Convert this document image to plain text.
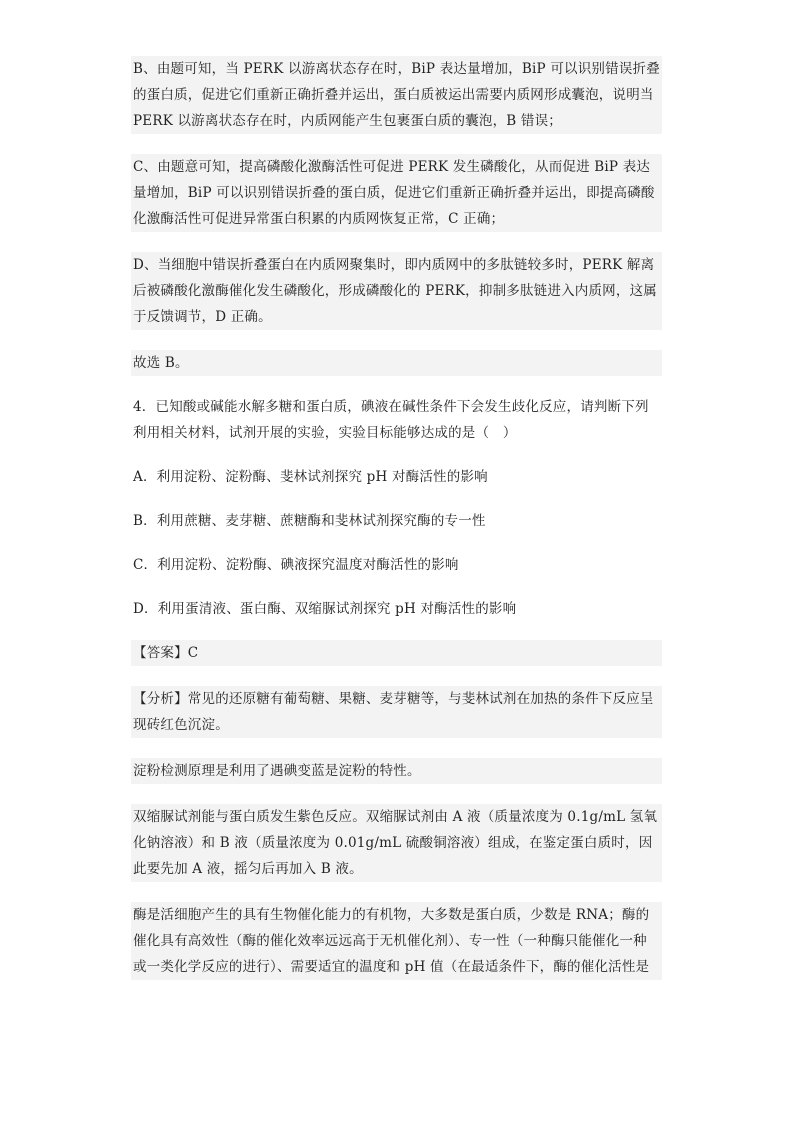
B、由题可知，当 PERK 以游离状态存在时，BiP 表达量增加，BiP 可以识别错误折叠的蛋白质，促进它们重新正确折叠并运出，蛋白质被运出需要内质网形成囊泡，说明当 PERK 以游离状态存在时，内质网能产生包裹蛋白质的囊泡，B 错误；

C、由题意可知，提高磷酸化激酶活性可促进 PERK 发生磷酸化，从而促进 BiP 表达量增加，BiP 可以识别错误折叠的蛋白质，促进它们重新正确折叠并运出，即提高磷酸化激酶活性可促进异常蛋白积累的内质网恢复正常，C 正确；

D、当细胞中错误折叠蛋白在内质网聚集时，即内质网中的多肽链较多时，PERK 解离后被磷酸化激酶催化发生磷酸化，形成磷酸化的 PERK，抑制多肽链进入内质网，这属于反馈调节，D 正确。

故选 B。

4．已知酸或碱能水解多糖和蛋白质，碘液在碱性条件下会发生歧化反应，请判断下列利用相关材料，试剂开展的实验，实验目标能够达成的是（　）

A．利用淀粉、淀粉酶、斐林试剂探究 pH 对酶活性的影响

B．利用蔗糖、麦芽糖、蔗糖酶和斐林试剂探究酶的专一性

C．利用淀粉、淀粉酶、碘液探究温度对酶活性的影响

D．利用蛋清液、蛋白酶、双缩脲试剂探究 pH 对酶活性的影响

【答案】C

【分析】常见的还原糖有葡萄糖、果糖、麦芽糖等，与斐林试剂在加热的条件下反应呈现砖红色沉淀。

淀粉检测原理是利用了遇碘变蓝是淀粉的特性。

双缩脲试剂能与蛋白质发生紫色反应。双缩脲试剂由 A 液（质量浓度为 0.1g/mL 氢氧化钠溶液）和 B 液（质量浓度为 0.01g/mL 硫酸铜溶液）组成，在鉴定蛋白质时，因此要先加 A 液，摇匀后再加入 B 液。

酶是活细胞产生的具有生物催化能力的有机物，大多数是蛋白质，少数是 RNA；酶的催化具有高效性（酶的催化效率远远高于无机催化剂）、专一性（一种酶只能催化一种或一类化学反应的进行）、需要适宜的温度和 pH 值（在最适条件下，酶的催化活性是
